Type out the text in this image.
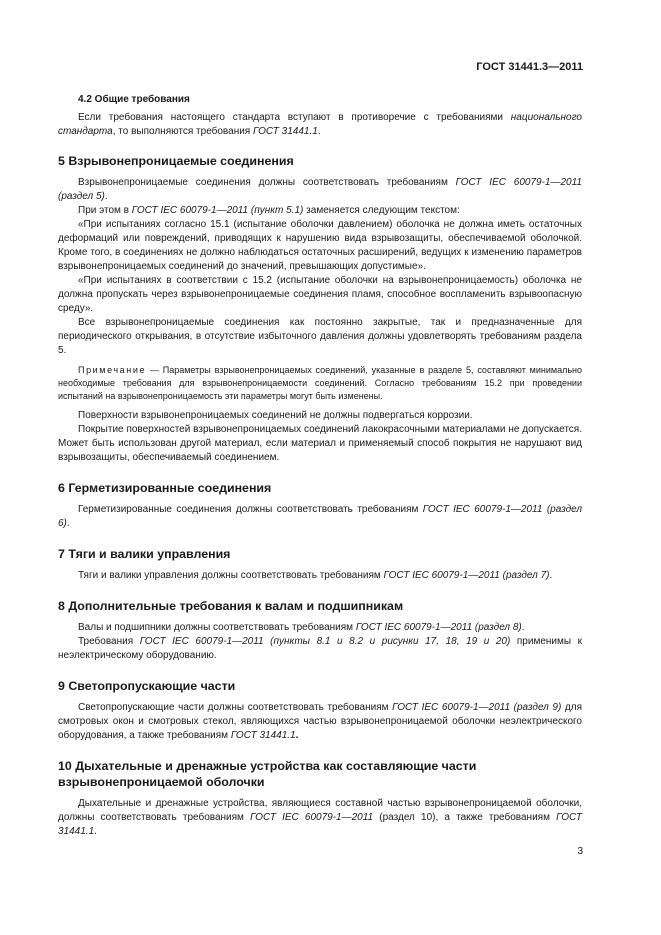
ГОСТ 31441.3—2011
4.2 Общие требования

Если требования настоящего стандарта вступают в противоречие с требованиями национального стандарта, то выполняются требования ГОСТ 31441.1.

5 Взрывонепроницаемые соединения

Взрывонепроницаемые соединения должны соответствовать требованиям ГОСТ IEC 60079-1—2011 (раздел 5).

При этом в ГОСТ IEC 60079-1—2011 (пункт 5.1) заменяется следующим текстом:

«При испытаниях согласно 15.1 (испытание оболочки давлением) оболочка не должна иметь остаточных деформаций или повреждений, приводящих к нарушению вида взрывозащиты, обеспечиваемой оболочкой. Кроме того, в соединениях не должно наблюдаться остаточных расширений, ведущих к изменению параметров взрывонепроницаемых соединений до значений, превышающих допустимые».

«При испытаниях в соответствии с 15.2 (испытание оболочки на взрывонепроницаемость) оболочка не должна пропускать через взрывонепроницаемые соединения пламя, способное воспламенить взрывоопасную среду».

Все взрывонепроницаемые соединения как постоянно закрытые, так и предназначенные для периодического открывания, в отсутствие избыточного давления должны удовлетворять требованиям раздела 5.

Примечание — Параметры взрывонепроницаемых соединений, указанные в разделе 5, составляют минимально необходимые требования для взрывонепроницаемости соединений. Согласно требованиям 15.2 при проведении испытаний на взрывонепроницаемость эти параметры могут быть изменены.

Поверхности взрывонепроницаемых соединений не должны подвергаться коррозии.

Покрытие поверхностей взрывонепроницаемых соединений лакокрасочными материалами не допускается. Может быть использован другой материал, если материал и применяемый способ покрытия не нарушают вид взрывозащиты, обеспечиваемый соединением.

6 Герметизированные соединения

Герметизированные соединения должны соответствовать требованиям ГОСТ IEC 60079-1—2011 (раздел 6).

7 Тяги и валики управления

Тяги и валики управления должны соответствовать требованиям ГОСТ IEC 60079-1—2011 (раздел 7).

8 Дополнительные требования к валам и подшипникам

Валы и подшипники должны соответствовать требованиям ГОСТ IEC 60079-1—2011 (раздел 8).

Требования ГОСТ IEC 60079-1—2011 (пункты 8.1 и 8.2 и рисунки 17, 18, 19 и 20) применимы к неэлектрическому оборудованию.

9 Светопропускающие части

Светопропускающие части должны соответствовать требованиям ГОСТ IEC 60079-1—2011 (раздел 9) для смотровых окон и смотровых стекол, являющихся частью взрывонепроницаемой оболочки неэлектрического оборудования, а также требованиям ГОСТ 31441.1.

10 Дыхательные и дренажные устройства как составляющие части взрывонепроницаемой оболочки

Дыхательные и дренажные устройства, являющиеся составной частью взрывонепроницаемой оболочки, должны соответствовать требованиям ГОСТ IEC 60079-1—2011 (раздел 10), а также требованиям ГОСТ 31441.1.

3
